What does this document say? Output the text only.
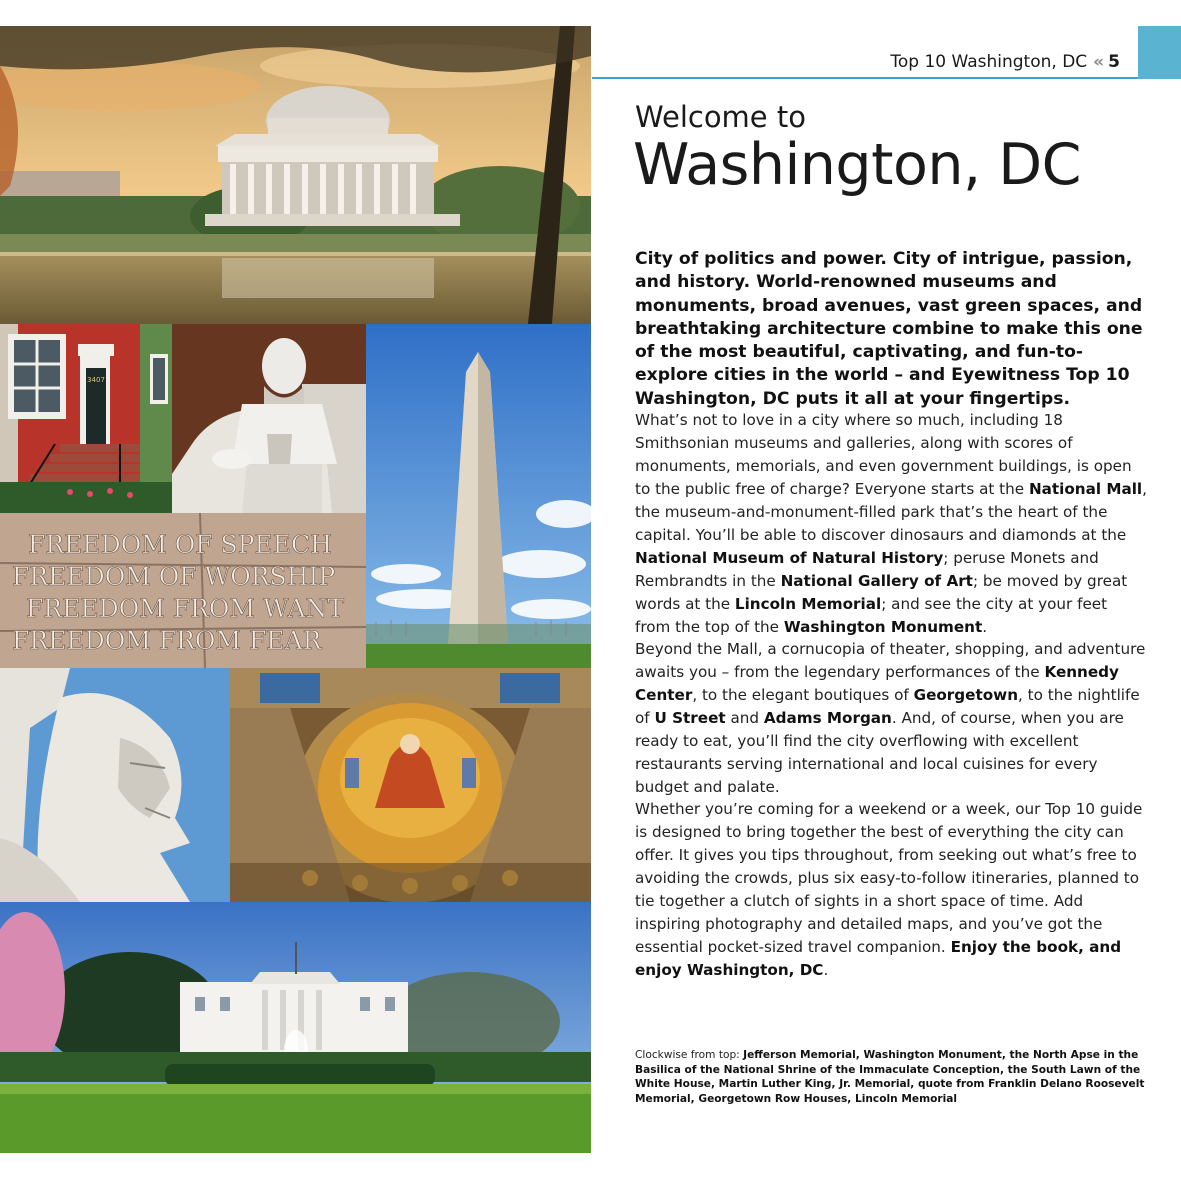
3407
FREEDOM OF SPEECH
FREEDOM OF WORSHIP
FREEDOM FROM WANT
FREEDOM FROM FEAR
Top 10 Washington, DC « 5
Welcome to
Washington, DC

City of politics and power. City of intrigue, passion, and history. World-renowned museums and monuments, broad avenues, vast green spaces, and breathtaking architecture combine to make this one of the most beautiful, captivating, and fun-to-explore cities in the world – and Eyewitness Top 10 Washington, DC puts it all at your fingertips.

What’s not to love in a city where so much, including 18 Smithsonian museums and galleries, along with scores of monuments, memorials, and even government buildings, is open to the public free of charge? Everyone starts at the National Mall, the museum-and-monument-filled park that’s the heart of the capital. You’ll be able to discover dinosaurs and diamonds at the National Museum of Natural History; peruse Monets and Rembrandts in the National Gallery of Art; be moved by great words at the Lincoln Memorial; and see the city at your feet from the top of the Washington Monument.

Beyond the Mall, a cornucopia of theater, shopping, and adventure awaits you – from the legendary performances of the Kennedy Center, to the elegant boutiques of Georgetown, to the nightlife of U Street and Adams Morgan. And, of course, when you are ready to eat, you’ll find the city overflowing with excellent restaurants serving international and local cuisines for every budget and palate.

Whether you’re coming for a weekend or a week, our Top 10 guide is designed to bring together the best of everything the city can offer. It gives you tips throughout, from seeking out what’s free to avoiding the crowds, plus six easy-to-follow itineraries, planned to tie together a clutch of sights in a short space of time. Add inspiring photography and detailed maps, and you’ve got the essential pocket-sized travel companion. Enjoy the book, and enjoy Washington, DC.

Clockwise from top: Jefferson Memorial, Washington Monument, the North Apse in the Basilica of the National Shrine of the Immaculate Conception, the South Lawn of the White House, Martin Luther King, Jr. Memorial, quote from Franklin Delano Roosevelt Memorial, Georgetown Row Houses, Lincoln Memorial
